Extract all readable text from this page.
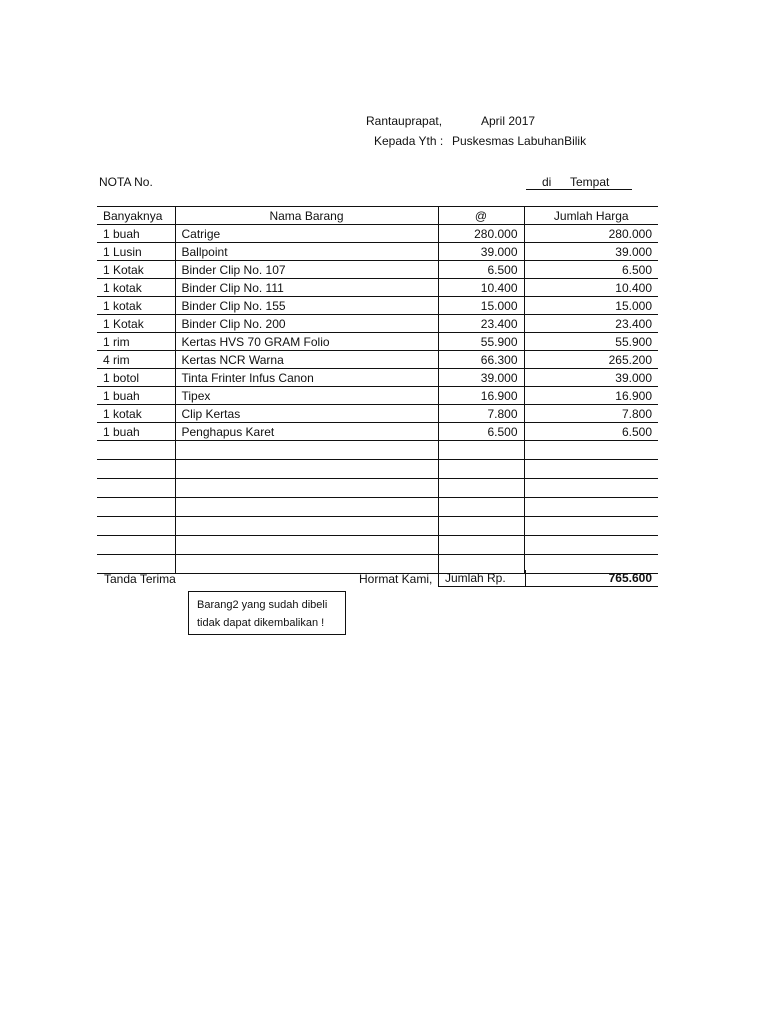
Rantauprapat,	April 2017
Kepada Yth : Puskesmas LabuhanBilik
NOTA No.	di Tempat
Banyaknya	Nama Barang	@	Jumlah Harga
1 buah	Catrige	280.000	280.000
1 Lusin	Ballpoint	39.000	39.000
1 Kotak	Binder Clip No. 107	6.500	6.500
1 kotak	Binder Clip No. 111	10.400	10.400
1 kotak	Binder Clip No. 155	15.000	15.000
1 Kotak	Binder Clip No. 200	23.400	23.400
1 rim	Kertas HVS 70 GRAM Folio	55.900	55.900
4 rim	Kertas NCR Warna	66.300	265.200
1 botol	Tinta Frinter Infus Canon	39.000	39.000
1 buah	Tipex	16.900	16.900
1 kotak	Clip Kertas	7.800	7.800
1 buah	Penghapus Karet	6.500	6.500

Tanda Terima	Hormat Kami,	Jumlah Rp.	765.600
Barang2 yang sudah dibeli
tidak dapat dikembalikan !
